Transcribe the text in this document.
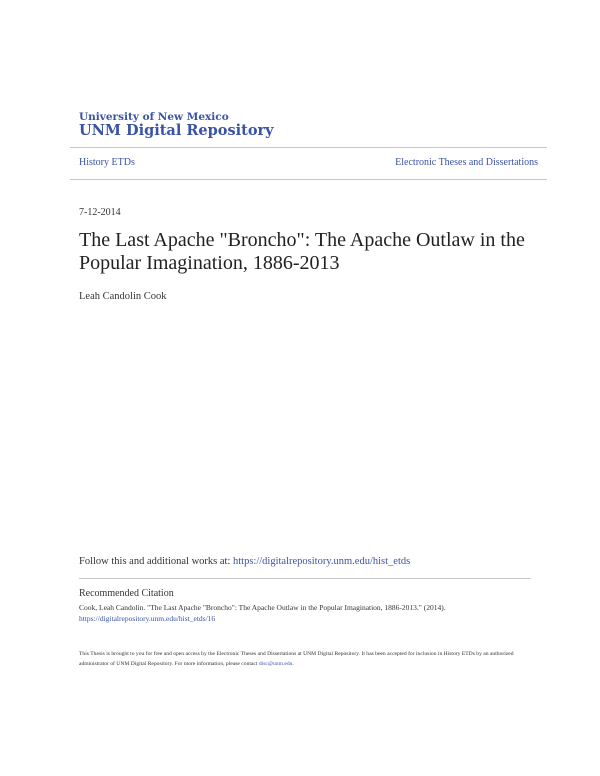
University of New Mexico
UNM Digital Repository
History ETDs	Electronic Theses and Dissertations
7-12-2014
The Last Apache "Broncho": The Apache Outlaw in the Popular Imagination, 1886-2013
Leah Candolin Cook
Follow this and additional works at: https://digitalrepository.unm.edu/hist_etds
Recommended Citation
Cook, Leah Candolin. "The Last Apache "Broncho": The Apache Outlaw in the Popular Imagination, 1886-2013." (2014).
https://digitalrepository.unm.edu/hist_etds/16
This Thesis is brought to you for free and open access by the Electronic Theses and Dissertations at UNM Digital Repository. It has been accepted for inclusion in History ETDs by an authorized administrator of UNM Digital Repository. For more information, please contact disc@unm.edu.
